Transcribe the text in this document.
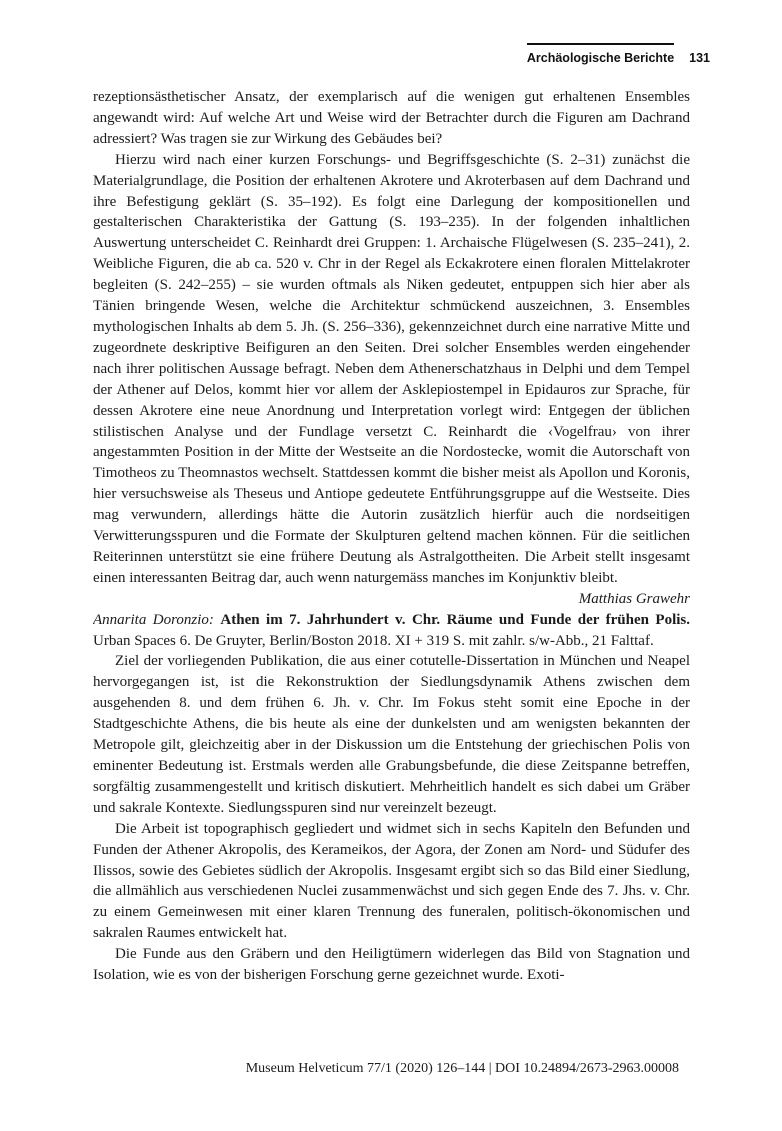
Archäologische Berichte 131

rezeptionsästhetischer Ansatz, der exemplarisch auf die wenigen gut erhaltenen Ensembles angewandt wird: Auf welche Art und Weise wird der Betrachter durch die Figuren am Dachrand adressiert? Was tragen sie zur Wirkung des Gebäudes bei?

Hierzu wird nach einer kurzen Forschungs- und Begriffsgeschichte (S. 2–31) zunächst die Materialgrundlage, die Position der erhaltenen Akrotere und Akroterbasen auf dem Dachrand und ihre Befestigung geklärt (S. 35–192). Es folgt eine Darlegung der kompositionellen und gestalterischen Charakteristika der Gattung (S. 193–235). In der folgenden inhaltlichen Auswertung unterscheidet C. Reinhardt drei Gruppen: 1. Archaische Flügelwesen (S. 235–241), 2. Weibliche Figuren, die ab ca. 520 v. Chr in der Regel als Eckakrotere einen floralen Mittelakroter begleiten (S. 242–255) – sie wurden oftmals als Niken gedeutet, entpuppen sich hier aber als Tänien bringende Wesen, welche die Architektur schmückend auszeichnen, 3. Ensembles mythologischen Inhalts ab dem 5. Jh. (S. 256–336), gekennzeichnet durch eine narrative Mitte und zugeordnete deskriptive Beifiguren an den Seiten. Drei solcher Ensembles werden eingehender nach ihrer politischen Aussage befragt. Neben dem Athenerschatzhaus in Delphi und dem Tempel der Athener auf Delos, kommt hier vor allem der Asklepiostempel in Epidauros zur Sprache, für dessen Akrotere eine neue Anordnung und Interpretation vorlegt wird: Entgegen der üblichen stilistischen Analyse und der Fundlage versetzt C. Reinhardt die ‹Vogelfrau› von ihrer angestammten Position in der Mitte der Westseite an die Nordostecke, womit die Autorschaft von Timotheos zu Theomnastos wechselt. Stattdessen kommt die bisher meist als Apollon und Koronis, hier versuchsweise als Theseus und Antiope gedeutete Entführungsgruppe auf die Westseite. Dies mag verwundern, allerdings hätte die Autorin zusätzlich hierfür auch die nordseitigen Verwitterungsspuren und die Formate der Skulpturen geltend machen können. Für die seitlichen Reiterinnen unterstützt sie eine frühere Deutung als Astralgottheiten. Die Arbeit stellt insgesamt einen interessanten Beitrag dar, auch wenn naturgemäss manches im Konjunktiv bleibt.

Matthias Grawehr

Annarita Doronzio: Athen im 7. Jahrhundert v. Chr. Räume und Funde der frühen Polis. Urban Spaces 6. De Gruyter, Berlin/Boston 2018. XI + 319 S. mit zahlr. s/w-Abb., 21 Falttaf.

Ziel der vorliegenden Publikation, die aus einer cotutelle-Dissertation in München und Neapel hervorgegangen ist, ist die Rekonstruktion der Siedlungsdynamik Athens zwischen dem ausgehenden 8. und dem frühen 6. Jh. v. Chr. Im Fokus steht somit eine Epoche in der Stadtgeschichte Athens, die bis heute als eine der dunkelsten und am wenigsten bekannten der Metropole gilt, gleichzeitig aber in der Diskussion um die Entstehung der griechischen Polis von eminenter Bedeutung ist. Erstmals werden alle Grabungsbefunde, die diese Zeitspanne betreffen, sorgfältig zusammengestellt und kritisch diskutiert. Mehrheitlich handelt es sich dabei um Gräber und sakrale Kontexte. Siedlungsspuren sind nur vereinzelt bezeugt.

Die Arbeit ist topographisch gegliedert und widmet sich in sechs Kapiteln den Befunden und Funden der Athener Akropolis, des Kerameikos, der Agora, der Zonen am Nord- und Südufer des Ilissos, sowie des Gebietes südlich der Akropolis. Insgesamt ergibt sich so das Bild einer Siedlung, die allmählich aus verschiedenen Nuclei zusammenwächst und sich gegen Ende des 7. Jhs. v. Chr. zu einem Gemeinwesen mit einer klaren Trennung des funeralen, politisch-ökonomischen und sakralen Raumes entwickelt hat.

Die Funde aus den Gräbern und den Heiligtümern widerlegen das Bild von Stagnation und Isolation, wie es von der bisherigen Forschung gerne gezeichnet wurde. Exoti-

Museum Helveticum 77/1 (2020) 126–144 | DOI 10.24894/2673-2963.00008
